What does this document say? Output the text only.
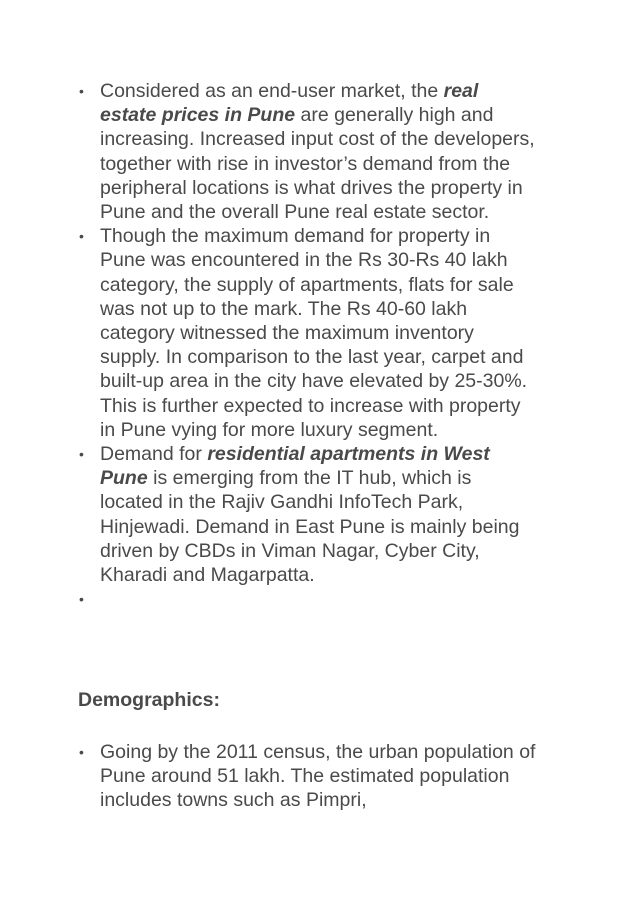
• Considered as an end-user market, the real estate prices in Pune are generally high and increasing. Increased input cost of the developers, together with rise in investor’s demand from the peripheral locations is what drives the property in Pune and the overall Pune real estate sector.
• Though the maximum demand for property in Pune was encountered in the Rs 30-Rs 40 lakh category, the supply of apartments, flats for sale was not up to the mark. The Rs 40-60 lakh category witnessed the maximum inventory supply. In comparison to the last year, carpet and built-up area in the city have elevated by 25-30%. This is further expected to increase with property in Pune vying for more luxury segment.
• Demand for residential apartments in West Pune is emerging from the IT hub, which is located in the Rajiv Gandhi InfoTech Park, Hinjewadi. Demand in East Pune is mainly being driven by CBDs in Viman Nagar, Cyber City, Kharadi and Magarpatta.
•
Demographics:
• Going by the 2011 census, the urban population of Pune around 51 lakh. The estimated population includes towns such as Pimpri,
